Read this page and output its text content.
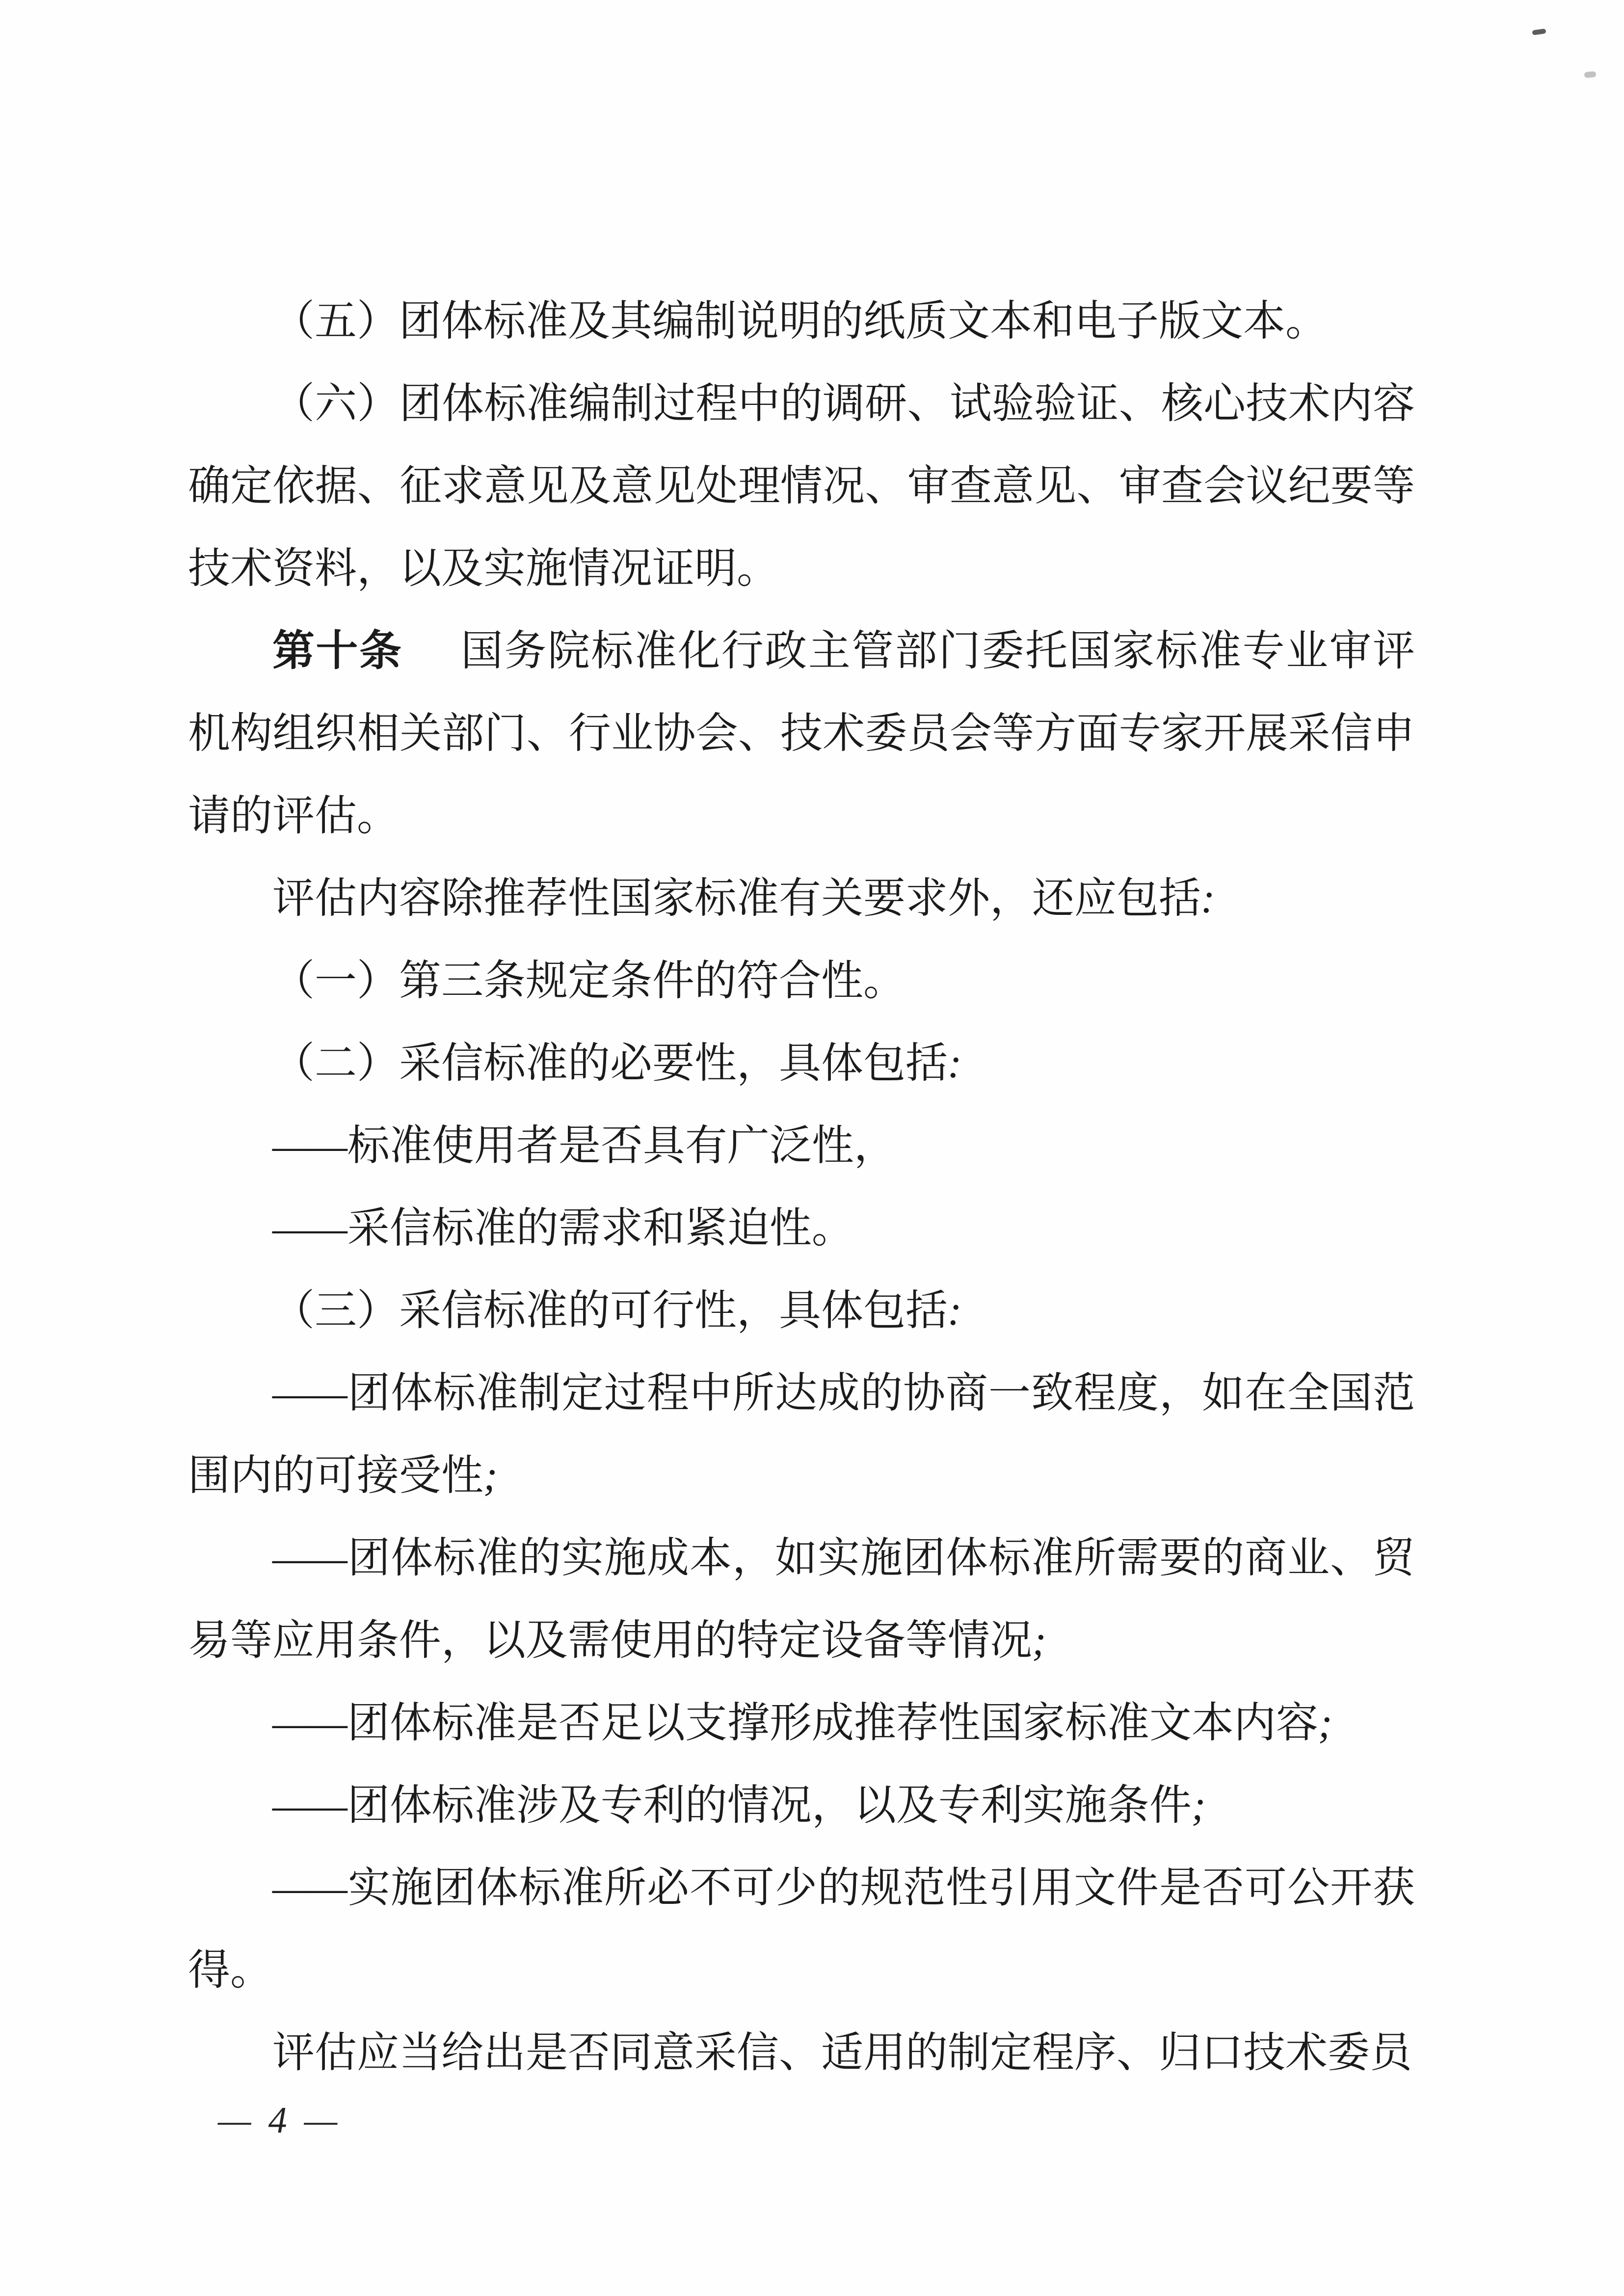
（五）团体标准及其编制说明的纸质文本和电子版文本。

（六）团体标准编制过程中的调研、试验验证、核心技术内容确定依据、征求意见及意见处理情况、审查意见、审查会议纪要等技术资料，以及实施情况证明。

第十条　国务院标准化行政主管部门委托国家标准专业审评机构组织相关部门、行业协会、技术委员会等方面专家开展采信申请的评估。

评估内容除推荐性国家标准有关要求外，还应包括:

（一）第三条规定条件的符合性。

（二）采信标准的必要性，具体包括:

——标准使用者是否具有广泛性，

——采信标准的需求和紧迫性。

（三）采信标准的可行性，具体包括:

——团体标准制定过程中所达成的协商一致程度，如在全国范围内的可接受性;

——团体标准的实施成本，如实施团体标准所需要的商业、贸易等应用条件，以及需使用的特定设备等情况;

——团体标准是否足以支撑形成推荐性国家标准文本内容;

——团体标准涉及专利的情况，以及专利实施条件;

——实施团体标准所必不可少的规范性引用文件是否可公开获得。

评估应当给出是否同意采信、适用的制定程序、归口技术委员

— 4 —
